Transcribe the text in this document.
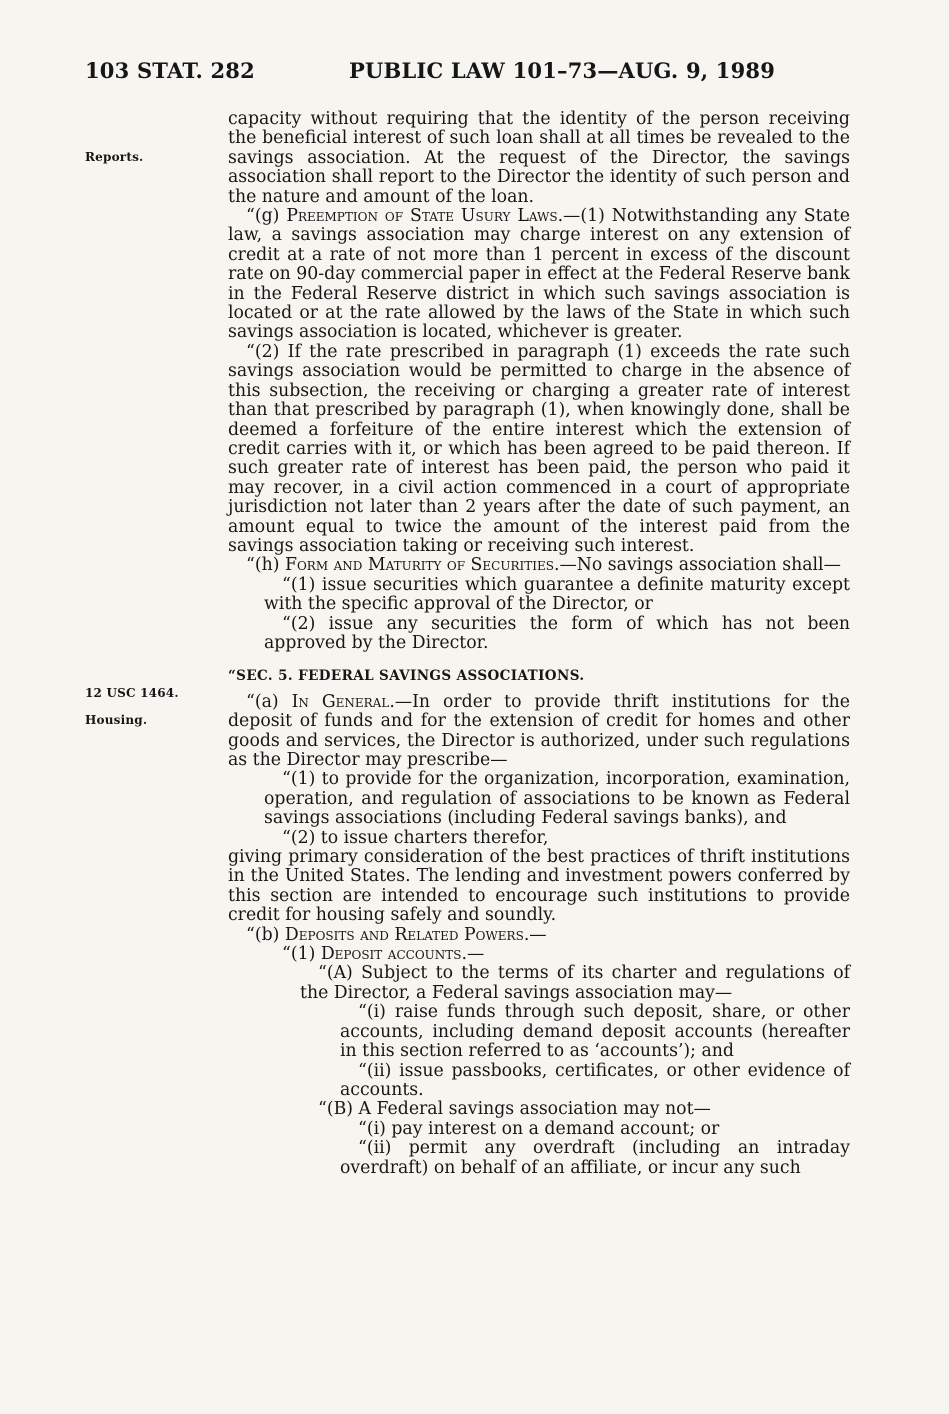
103 STAT. 282	PUBLIC LAW 101–73—AUG. 9, 1989
Reports.
12 USC 1464.
Housing.

capacity without requiring that the identity of the person receiving the beneficial interest of such loan shall at all times be revealed to the savings association. At the request of the Director, the savings association shall report to the Director the identity of such person and the nature and amount of the loan.

“(g) Preemption of State Usury Laws.—(1) Notwithstanding any State law, a savings association may charge interest on any extension of credit at a rate of not more than 1 percent in excess of the discount rate on 90-day commercial paper in effect at the Federal Reserve bank in the Federal Reserve district in which such savings association is located or at the rate allowed by the laws of the State in which such savings association is located, whichever is greater.

“(2) If the rate prescribed in paragraph (1) exceeds the rate such savings association would be permitted to charge in the absence of this subsection, the receiving or charging a greater rate of interest than that prescribed by paragraph (1), when knowingly done, shall be deemed a forfeiture of the entire interest which the extension of credit carries with it, or which has been agreed to be paid thereon. If such greater rate of interest has been paid, the person who paid it may recover, in a civil action commenced in a court of appropriate jurisdiction not later than 2 years after the date of such payment, an amount equal to twice the amount of the interest paid from the savings association taking or receiving such interest.

“(h) Form and Maturity of Securities.—No savings association shall—

“(1) issue securities which guarantee a definite maturity except with the specific approval of the Director, or

“(2) issue any securities the form of which has not been approved by the Director.

“SEC. 5. FEDERAL SAVINGS ASSOCIATIONS.

“(a) In General.—In order to provide thrift institutions for the deposit of funds and for the extension of credit for homes and other goods and services, the Director is authorized, under such regulations as the Director may prescribe—

“(1) to provide for the organization, incorporation, examination, operation, and regulation of associations to be known as Federal savings associations (including Federal savings banks), and

“(2) to issue charters therefor,

giving primary consideration of the best practices of thrift institutions in the United States. The lending and investment powers conferred by this section are intended to encourage such institutions to provide credit for housing safely and soundly.

“(b) Deposits and Related Powers.—

“(1) Deposit accounts.—

“(A) Subject to the terms of its charter and regulations of the Director, a Federal savings association may—

“(i) raise funds through such deposit, share, or other accounts, including demand deposit accounts (hereafter in this section referred to as ‘accounts’); and

“(ii) issue passbooks, certificates, or other evidence of accounts.

“(B) A Federal savings association may not—

“(i) pay interest on a demand account; or

“(ii) permit any overdraft (including an intraday overdraft) on behalf of an affiliate, or incur any such
